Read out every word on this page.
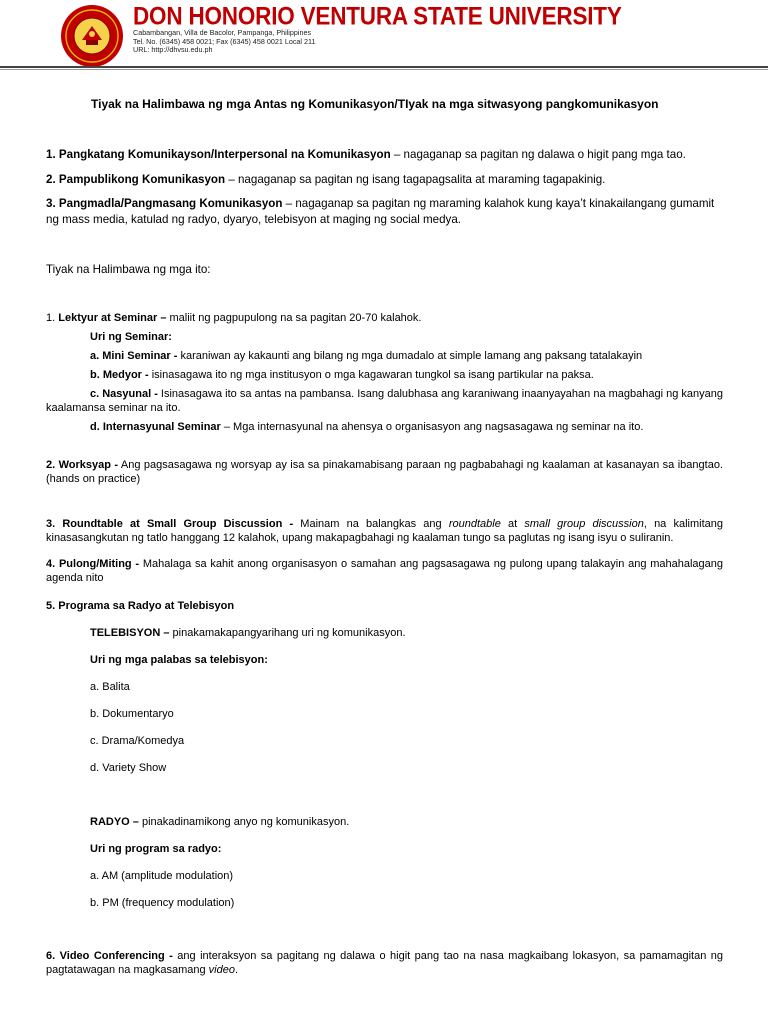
DON HONORIO VENTURA STATE UNIVERSITY
Cabambangan, Villa de Bacolor, Pampanga, Philippines
Tel. No. (6345) 458 0021; Fax (6345) 458 0021 Local 211
URL: http://dhvsu.edu.ph
Tiyak na Halimbawa ng mga Antas ng Komunikasyon/TIyak na mga sitwasyong pangkomunikasyon
1. Pangkatang Komunikayson/Interpersonal na Komunikasyon – nagaganap sa pagitan ng dalawa o higit pang mga tao.
2. Pampublikong Komunikasyon – nagaganap sa pagitan ng isang tagapagsalita at maraming tagapakinig.
3. Pangmadla/Pangmasang Komunikasyon – nagaganap sa pagitan ng maraming kalahok kung kaya’t kinakailangang gumamit ng mass media, katulad ng radyo, dyaryo, telebisyon at maging ng social medya.
Tiyak na Halimbawa ng mga ito:
1. Lektyur at Seminar – maliit ng pagpupulong na sa pagitan 20-70 kalahok.
Uri ng Seminar:
a. Mini Seminar - karaniwan ay kakaunti ang bilang ng mga dumadalo at simple lamang ang paksang tatalakayin
b. Medyor - isinasagawa ito ng mga institusyon o mga kagawaran tungkol sa isang partikular na paksa.
c. Nasyunal - Isinasagawa ito sa antas na pambansa. Isang dalubhasa ang karaniwang inaanyayahan na magbahagi ng kanyang kaalamansa seminar na ito.
d. Internasyunal Seminar – Mga internasyunal na ahensya o organisasyon ang nagsasagawa ng seminar na ito.
2. Worksyap - Ang pagsasagawa ng worsyap ay isa sa pinakamabisang paraan ng pagbabahagi ng kaalaman at kasanayan sa ibangtao. (hands on practice)
3. Roundtable at Small Group Discussion - Mainam na balangkas ang roundtable at small group discussion, na kalimitang kinasasangkutan ng tatlo hanggang 12 kalahok, upang makapagbahagi ng kaalaman tungo sa paglutas ng isang isyu o suliranin.
4. Pulong/Miting - Mahalaga sa kahit anong organisasyon o samahan ang pagsasagawa ng pulong upang talakayin ang mahahalagang agenda nito
5. Programa sa Radyo at Telebisyon
TELEBISYON – pinakamakapangyarihang uri ng komunikasyon.
Uri ng mga palabas sa telebisyon:
a. Balita
b. Dokumentaryo
c. Drama/Komedya
d. Variety Show
RADYO – pinakadinamikong anyo ng komunikasyon.
Uri ng program sa radyo:
a. AM (amplitude modulation)
b. PM (frequency modulation)
6. Video Conferencing - ang interaksyon sa pagitang ng dalawa o higit pang tao na nasa magkaibang lokasyon, sa pamamagitan ng pagtatawagan na magkasamang video.
